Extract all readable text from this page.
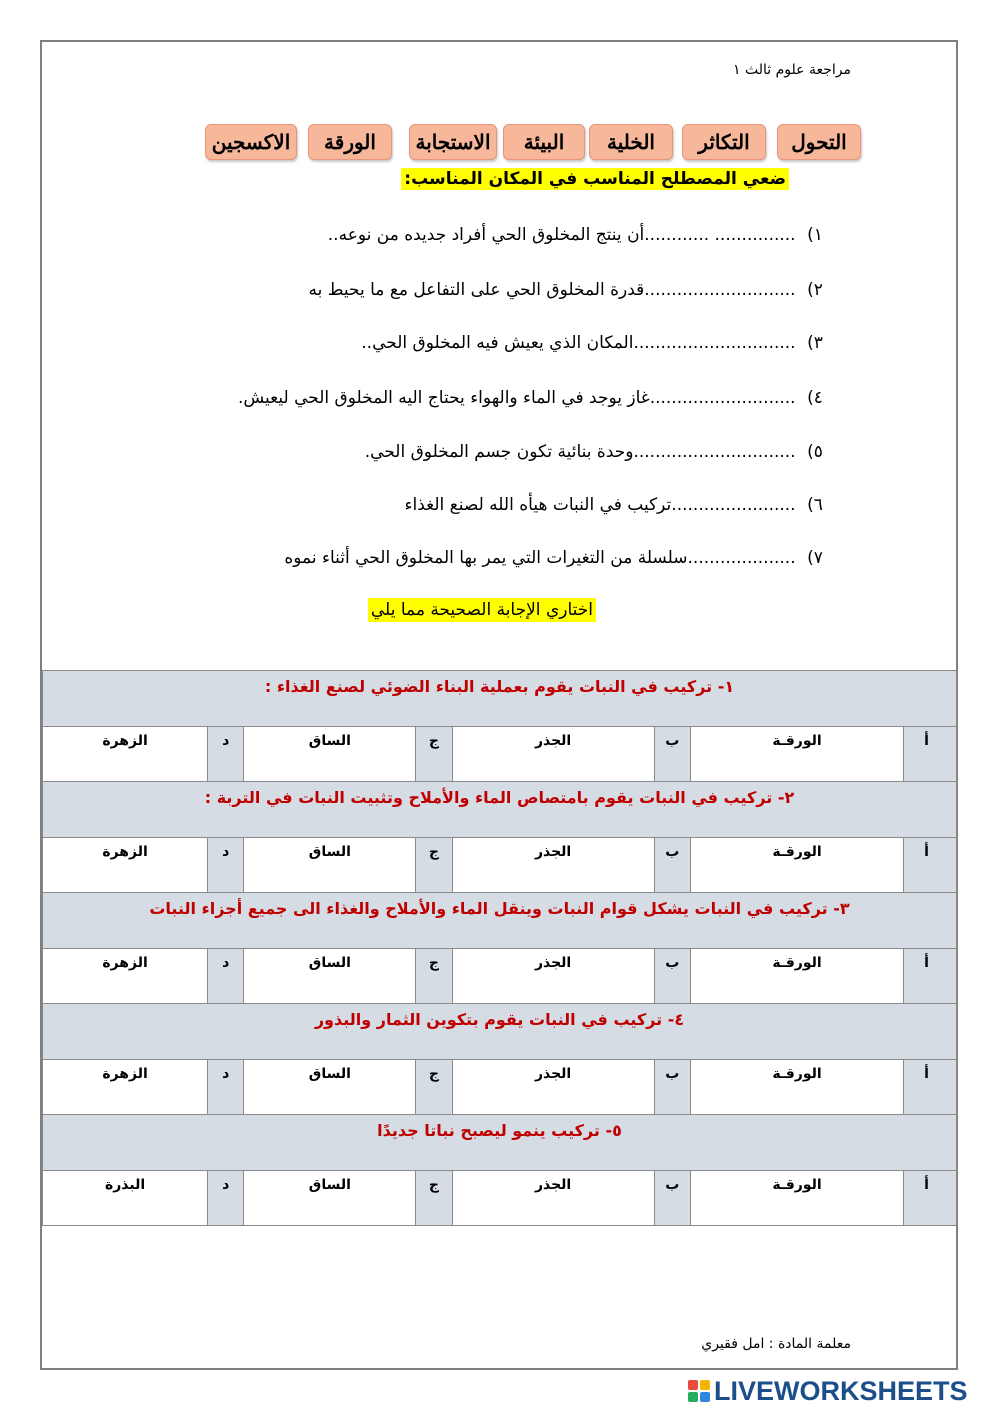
مراجعة علوم ثالث ١
التحول
التكاثر
الخلية
البيئة
الاستجابة
الورقة
الاكسجين
ضعي المصطلح المناسب في المكان المناسب:
١) ............... ............أن ينتج المخلوق الحي أفراد جديده من نوعه..
٢) ............................قدرة المخلوق الحي على التفاعل مع ما يحيط به
٣) ..............................المكان الذي يعيش فيه المخلوق الحي..
٤) ...........................غاز يوجد في الماء والهواء يحتاج اليه المخلوق الحي ليعيش.
٥) ..............................وحدة بنائية تكون جسم المخلوق الحي.
٦) .......................تركيب في النبات هيأه الله لصنع الغذاء
٧) ....................سلسلة من التغيرات التي يمر بها المخلوق الحي أثناء نموه
اختاري الإجابة الصحيحة مما يلي
١- تركيب في النبات يقوم بعملية البناء الضوئي لصنع الغذاء :							
أ	الورقـة	ب	الجذر	ج	الساق	د	الزهرة
٢- تركيب في النبات يقوم بامتصاص الماء والأملاح وتثبيت النبات في التربة :							
أ	الورقـة	ب	الجذر	ج	الساق	د	الزهرة
٣- تركيب في النبات يشكل قوام النبات وينقل الماء والأملاح والغذاء الى جميع أجزاء النبات							
أ	الورقـة	ب	الجذر	ج	الساق	د	الزهرة
٤- تركيب في النبات يقوم بتكوين الثمار والبذور							
أ	الورقـة	ب	الجذر	ج	الساق	د	الزهرة
٥- تركيب ينمو ليصبح نباتا جديدًا							
أ	الورقـة	ب	الجذر	ج	الساق	د	البذرة
معلمة المادة : امل فقيري
LIVEWORKSHEETS
